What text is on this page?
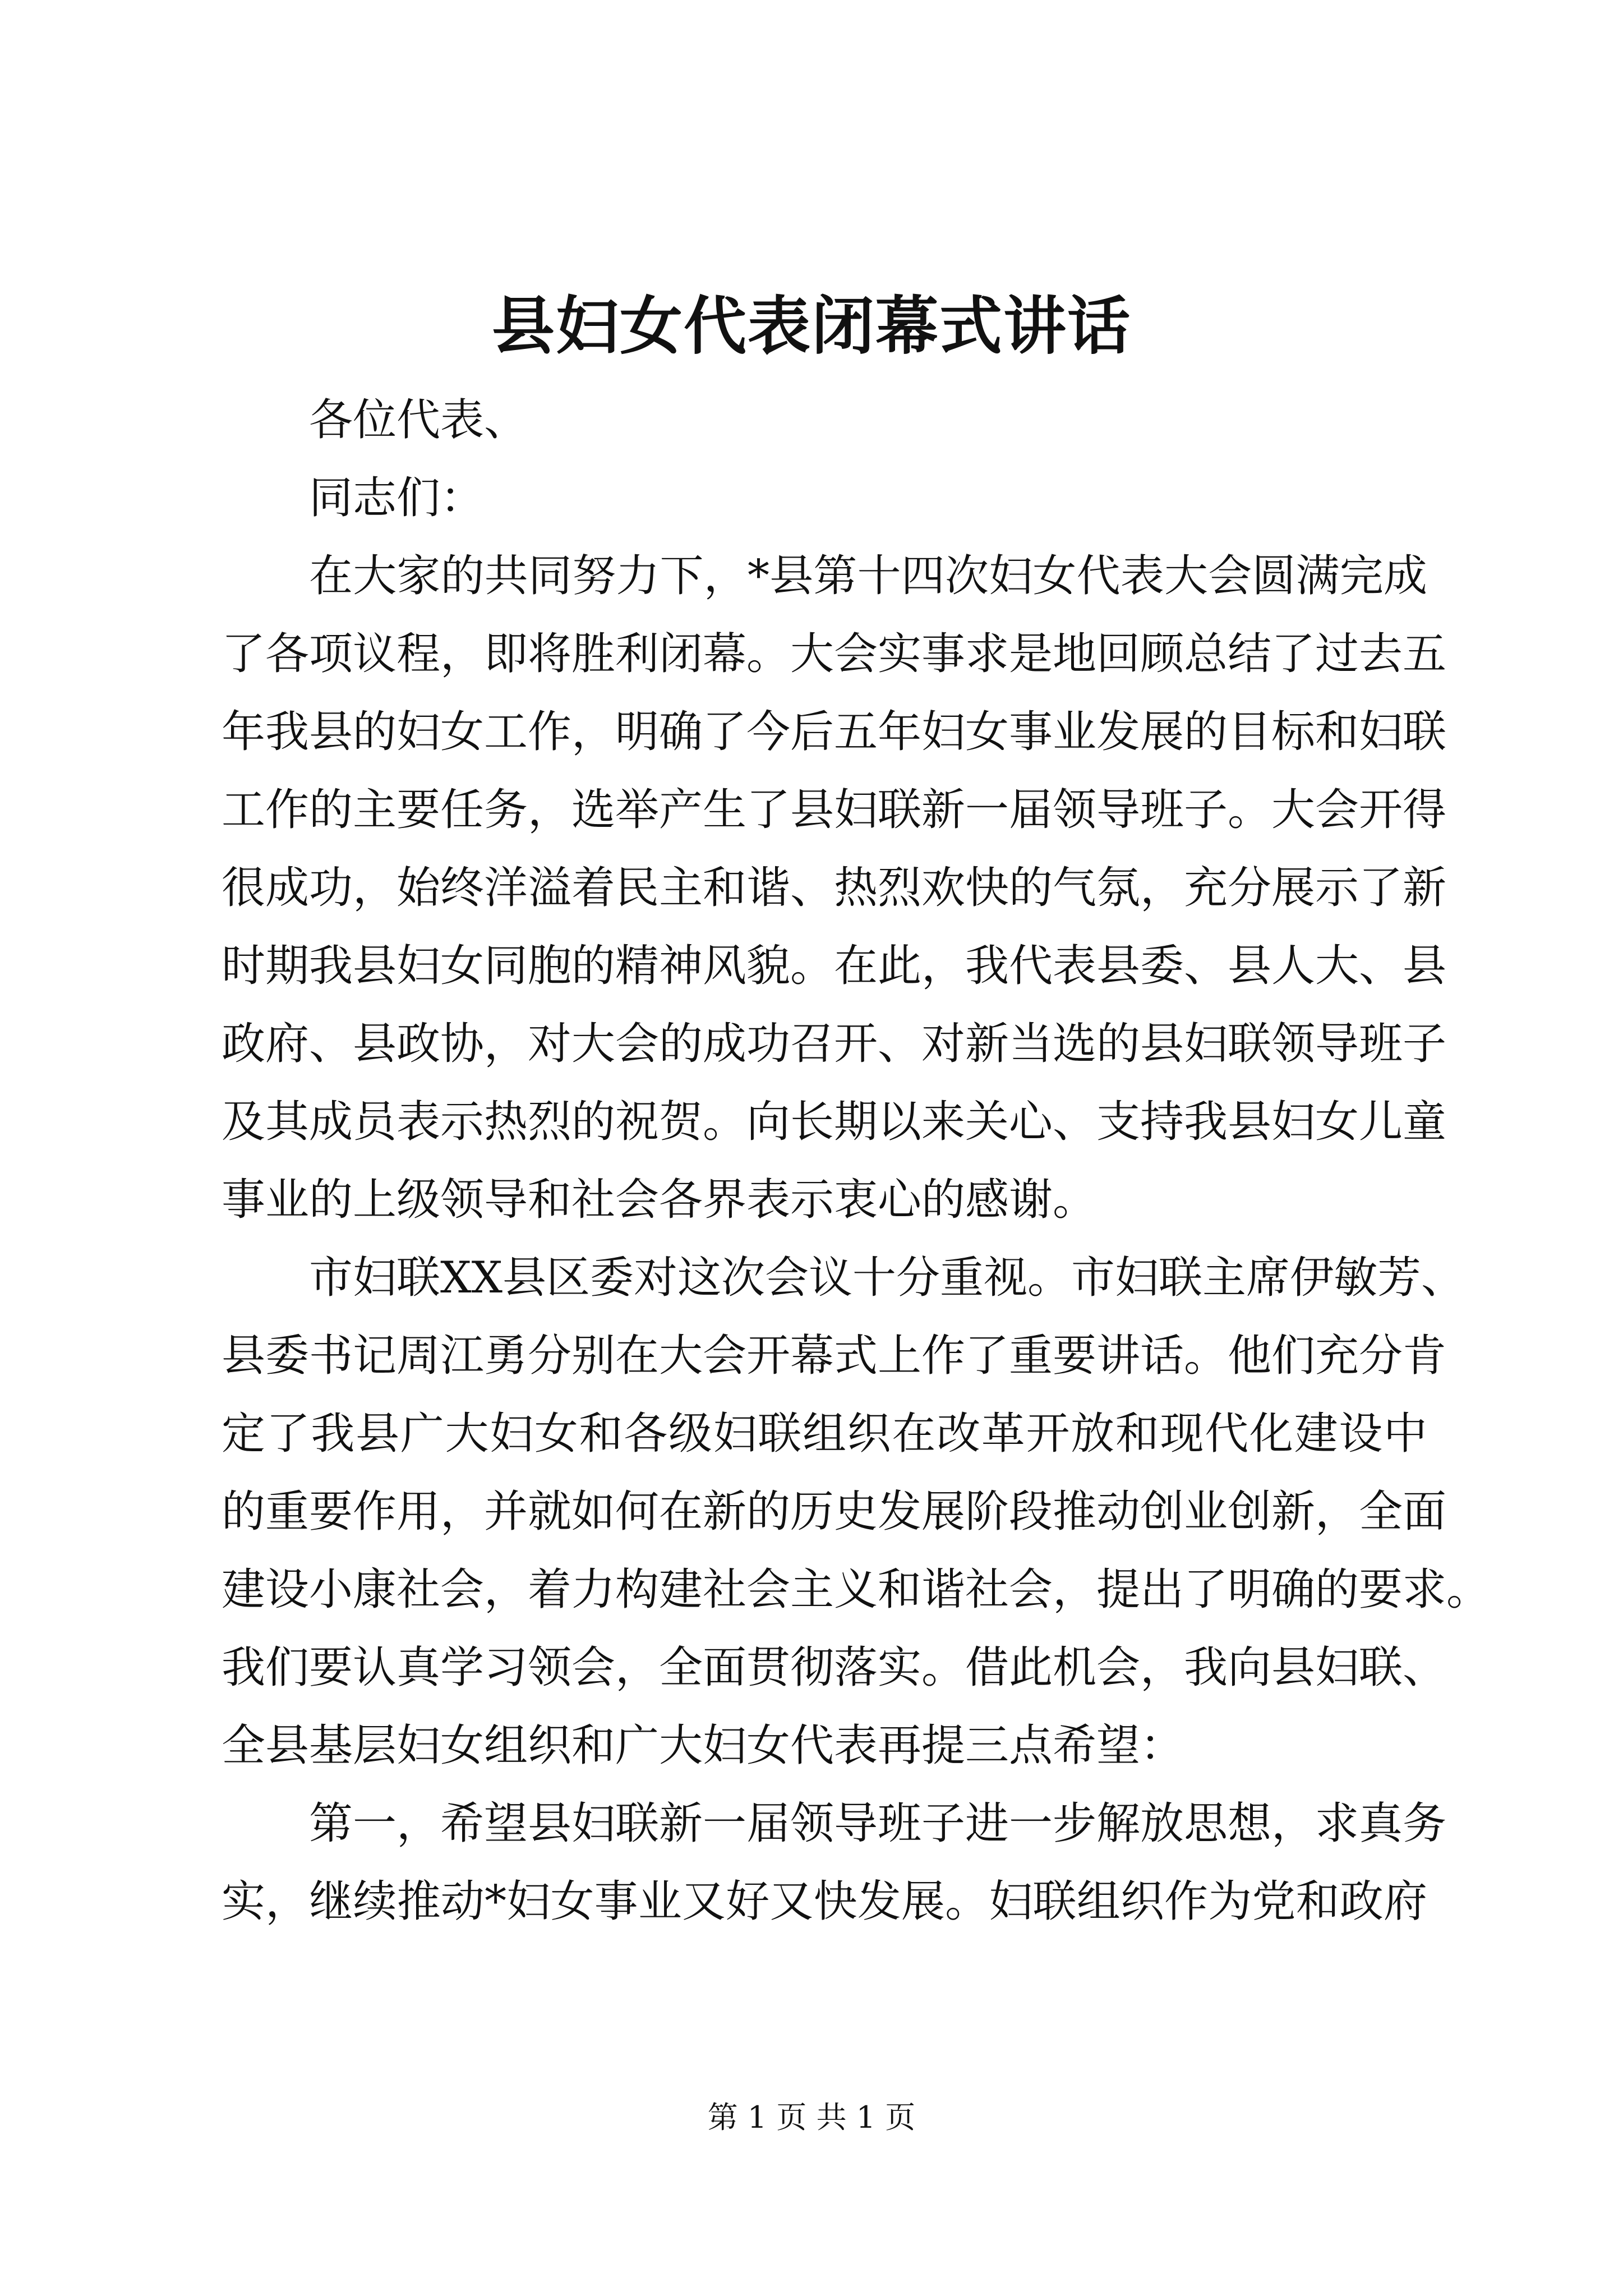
县妇女代表闭幕式讲话
各位代表、
同志们：
在大家的共同努力下，*县第十四次妇女代表大会圆满完成
了各项议程，即将胜利闭幕。大会实事求是地回顾总结了过去五
年我县的妇女工作，明确了今后五年妇女事业发展的目标和妇联
工作的主要任务，选举产生了县妇联新一届领导班子。大会开得
很成功，始终洋溢着民主和谐、热烈欢快的气氛，充分展示了新
时期我县妇女同胞的精神风貌。在此，我代表县委、县人大、县
政府、县政协，对大会的成功召开、对新当选的县妇联领导班子
及其成员表示热烈的祝贺。向长期以来关心、支持我县妇女儿童
事业的上级领导和社会各界表示衷心的感谢。
市妇联XX县区委对这次会议十分重视。市妇联主席伊敏芳、
县委书记周江勇分别在大会开幕式上作了重要讲话。他们充分肯
定了我县广大妇女和各级妇联组织在改革开放和现代化建设中
的重要作用，并就如何在新的历史发展阶段推动创业创新，全面
建设小康社会，着力构建社会主义和谐社会，提出了明确的要求。
我们要认真学习领会，全面贯彻落实。借此机会，我向县妇联、
全县基层妇女组织和广大妇女代表再提三点希望：
第一，希望县妇联新一届领导班子进一步解放思想，求真务
实，继续推动*妇女事业又好又快发展。妇联组织作为党和政府
第 1 页 共 1 页
